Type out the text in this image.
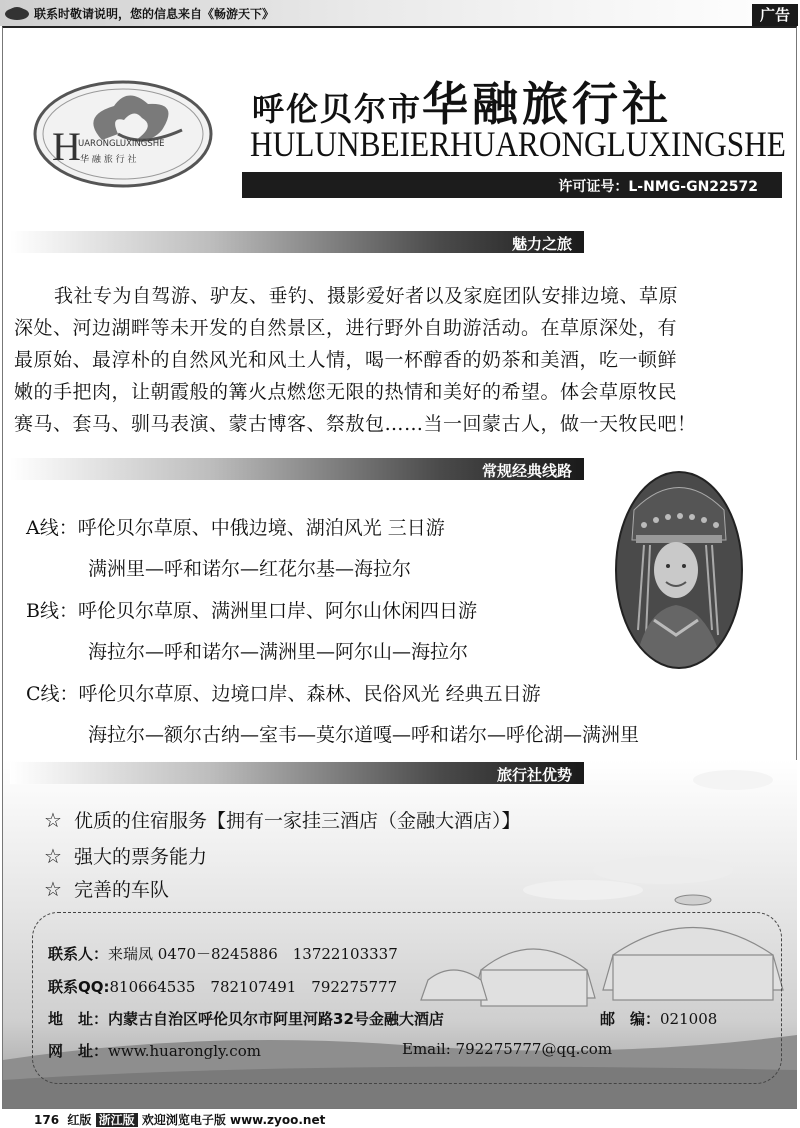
联系时敬请说明，您的信息来自《畅游天下》	广告
H
UARONGLUXINGSHE
华 融 旅 行 社
呼伦贝尔市华融旅行社
HULUNBEIERHUARONGLUXINGSHE
许可证号：L-NMG-GN22572
魅力之旅
我社专为自驾游、驴友、垂钓、摄影爱好者以及家庭团队安排边境、草原
深处、河边湖畔等未开发的自然景区，进行野外自助游活动。在草原深处，有
最原始、最淳朴的自然风光和风土人情，喝一杯醇香的奶茶和美酒，吃一顿鲜
嫩的手把肉，让朝霞般的篝火点燃您无限的热情和美好的希望。体会草原牧民
赛马、套马、驯马表演、蒙古博客、祭敖包……当一回蒙古人，做一天牧民吧！
常规经典线路
A线：呼伦贝尔草原、中俄边境、湖泊风光 三日游
满洲里—呼和诺尔—红花尔基—海拉尔
B线：呼伦贝尔草原、满洲里口岸、阿尔山休闲四日游
海拉尔—呼和诺尔—满洲里—阿尔山—海拉尔
C线：呼伦贝尔草原、边境口岸、森林、民俗风光 经典五日游
海拉尔—额尔古纳—室韦—莫尔道嘎—呼和诺尔—呼伦湖—满洲里
旅行社优势
☆ 优质的住宿服务【拥有一家挂三酒店（金融大酒店）】
☆ 强大的票务能力
☆ 完善的车队
联系人：来瑞凤 0470－8245886　13722103337
联系QQ:810664535　782107491　792275777
地　址：内蒙古自治区呼伦贝尔市阿里河路32号金融大酒店	邮　编：021008
网　址：www.huarongly.com	Email: 792275777@qq.com
176 红版 浙江版 欢迎浏览电子版 www.zyoo.net
